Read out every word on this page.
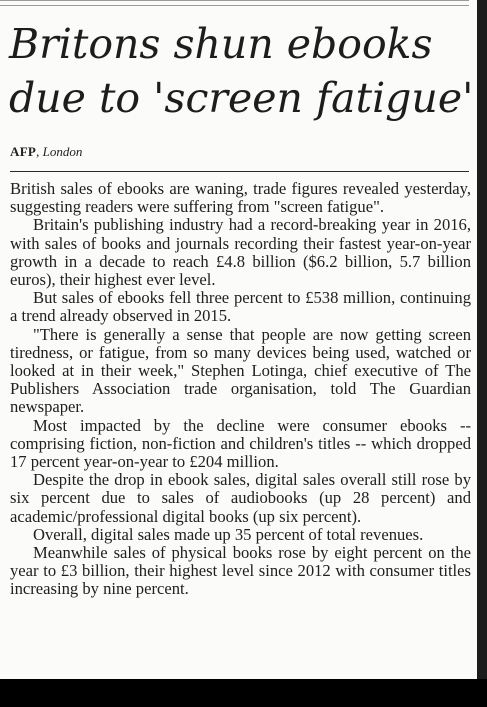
Britons shun ebooks due to 'screen fatigue'
AFP, London

British sales of ebooks are waning, trade figures revealed yesterday, suggesting readers were suffering from "screen fatigue".

Britain's publishing industry had a record-breaking year in 2016, with sales of books and journals recording their fastest year-on-year growth in a decade to reach £4.8 billion ($6.2 billion, 5.7 billion euros), their highest ever level.

But sales of ebooks fell three percent to £538 million, continuing a trend already observed in 2015.

"There is generally a sense that people are now getting screen tiredness, or fatigue, from so many devices being used, watched or looked at in their week," Stephen Lotinga, chief executive of The Publishers Association trade organisation, told The Guardian newspaper.

Most impacted by the decline were consumer ebooks -- comprising fiction, non-fiction and children's titles -- which dropped 17 percent year-on-year to £204 million.

Despite the drop in ebook sales, digital sales overall still rose by six percent due to sales of audiobooks (up 28 percent) and academic/professional digital books (up six percent).

Overall, digital sales made up 35 percent of total revenues.

Meanwhile sales of physical books rose by eight percent on the year to £3 billion, their highest level since 2012 with consumer titles increasing by nine percent.
